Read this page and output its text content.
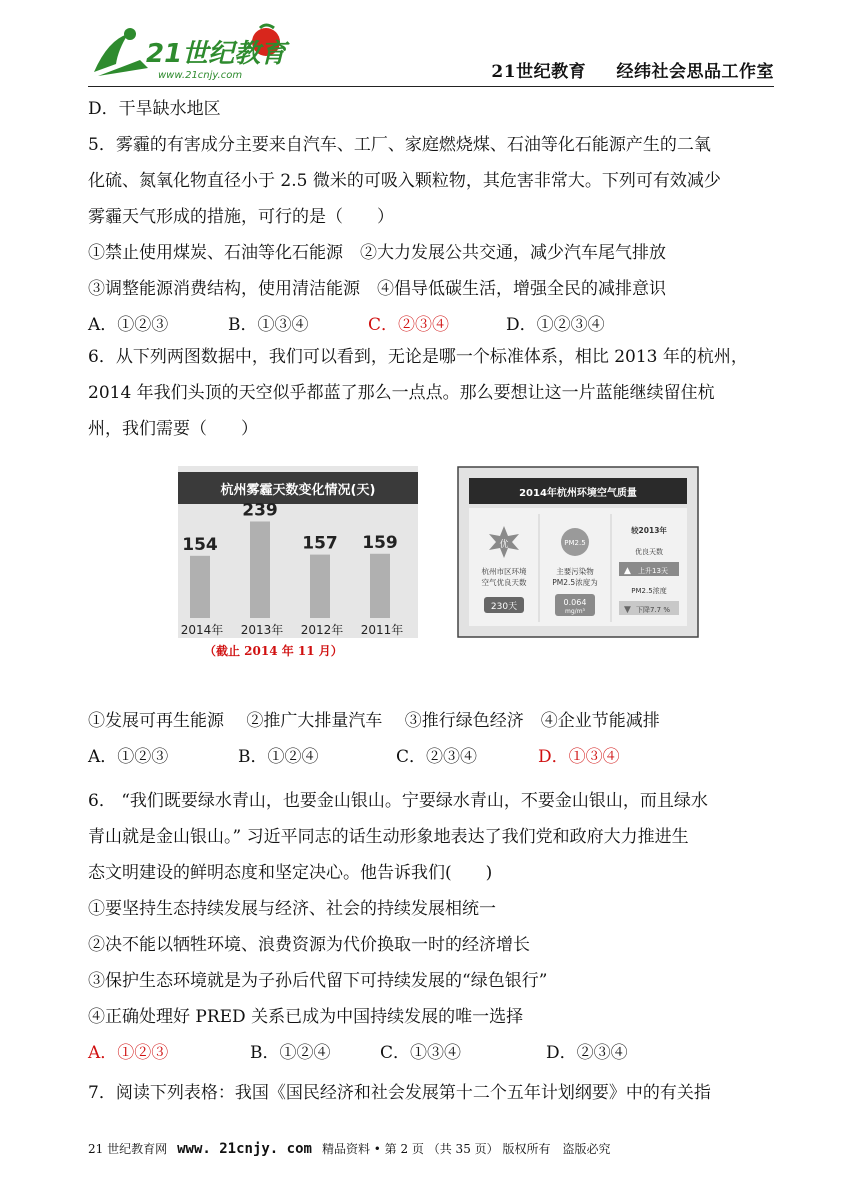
21世纪教育
www.21cnjy.com	21世纪教育 经纬社会思品工作室
D．干旱缺水地区
5．雾霾的有害成分主要来自汽车、工厂、家庭燃烧煤、石油等化石能源产生的二氧
化硫、氮氧化物直径小于 2.5 微米的可吸入颗粒物，其危害非常大。下列可有效减少
雾霾天气形成的措施，可行的是（　　）
①禁止使用煤炭、石油等化石能源　②大力发展公共交通，减少汽车尾气排放
③调整能源消费结构，使用清洁能源　④倡导低碳生活，增强全民的减排意识
A．①②③	B．①③④	C．②③④	D．①②③④
6．从下列两图数据中，我们可以看到，无论是哪一个标准体系，相比 2013 年的杭州，
2014 年我们头顶的天空似乎都蓝了那么一点点。那么要想让这一片蓝能继续留住杭
州，我们需要（　　）
杭州雾霾天数变化情况(天)
154
2014年
239
2013年
157
2012年
159
2011年
（截止 2014 年 11 月）
2014年杭州环境空气质量
优
杭州市区环境
空气优良天数
230天
PM2.5
主要污染物
PM2.5浓度为
0.064
mg/m³
较2013年
优良天数
▲ 上升13天
PM2.5浓度
▼ 下降7.7 %
①发展可再生能源　 ②推广大排量汽车　 ③推行绿色经济　④企业节能减排
A．①②③	B．①②④	C．②③④	D．①③④
6． “我们既要绿水青山，也要金山银山。宁要绿水青山，不要金山银山，而且绿水
青山就是金山银山。” 习近平同志的话生动形象地表达了我们党和政府大力推进生
态文明建设的鲜明态度和坚定决心。他告诉我们(　　)
①要坚持生态持续发展与经济、社会的持续发展相统一
②决不能以牺牲环境、浪费资源为代价换取一时的经济增长
③保护生态环境就是为子孙后代留下可持续发展的“绿色银行”
④正确处理好 PRED 关系已成为中国持续发展的唯一选择
A．①②③	B．①②④	C．①③④	D．②③④
7．阅读下列表格：我国《国民经济和社会发展第十二个五年计划纲要》中的有关指
21 世纪教育网 www. 21cnjy. com 精品资料 • 第 2 页 （共 35 页） 版权所有　盗版必究
